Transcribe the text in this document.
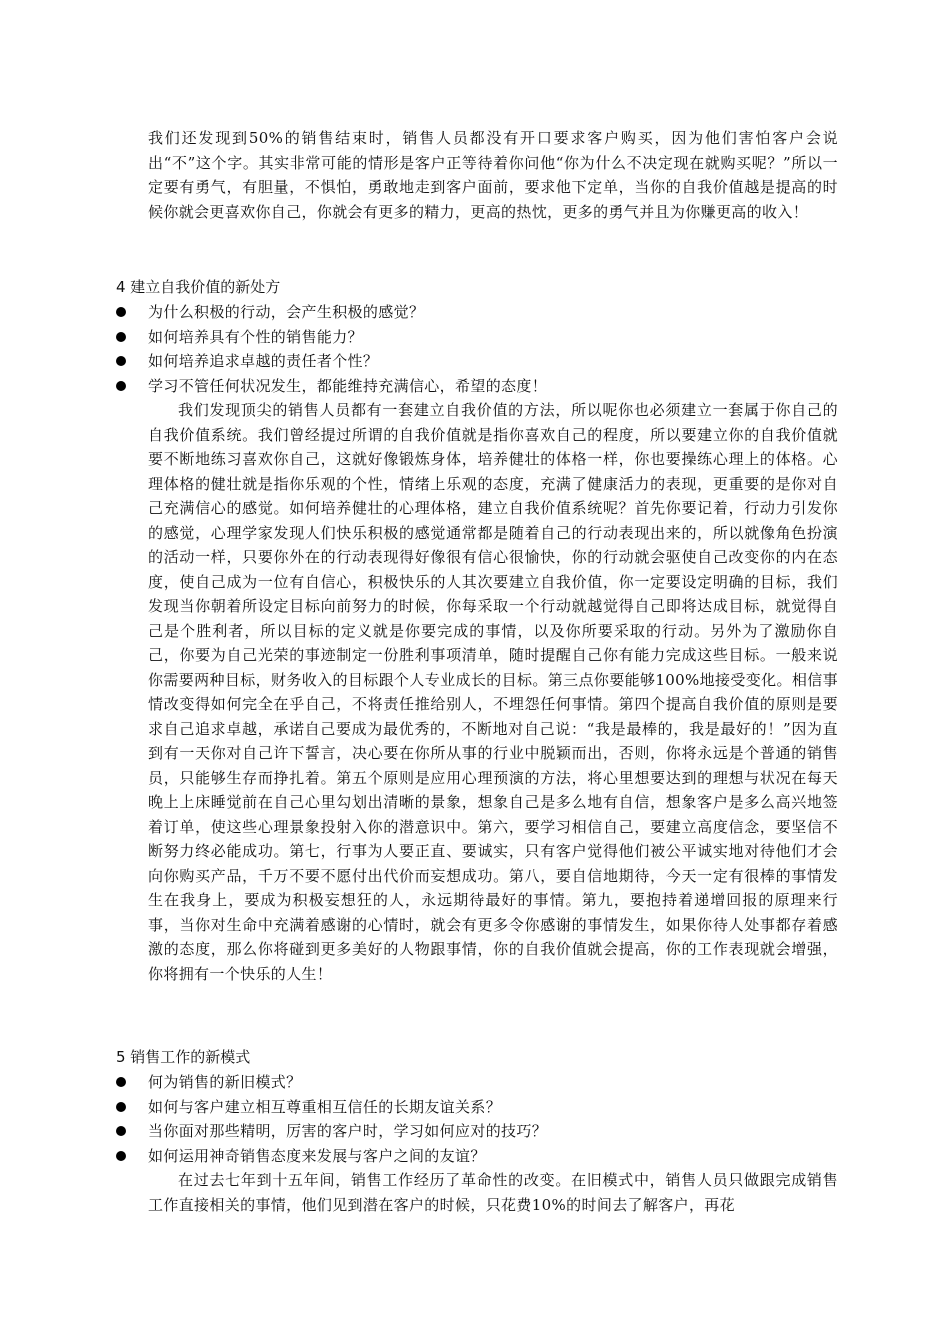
我们还发现到50%的销售结束时，销售人员都没有开口要求客户购买，因为他们害怕客户会说出“不”这个字。其实非常可能的情形是客户正等待着你问他“你为什么不决定现在就购买呢？”所以一定要有勇气，有胆量，不惧怕，勇敢地走到客户面前，要求他下定单，当你的自我价值越是提高的时候你就会更喜欢你自己，你就会有更多的精力，更高的热忱，更多的勇气并且为你赚更高的收入！

4 建立自我价值的新处方
为什么积极的行动，会产生积极的感觉？
如何培养具有个性的销售能力？
如何培养追求卓越的责任者个性？
学习不管任何状况发生，都能维持充满信心，希望的态度！

我们发现顶尖的销售人员都有一套建立自我价值的方法，所以呢你也必须建立一套属于你自己的自我价值系统。我们曾经提过所谓的自我价值就是指你喜欢自己的程度，所以要建立你的自我价值就要不断地练习喜欢你自己，这就好像锻炼身体，培养健壮的体格一样，你也要操练心理上的体格。心理体格的健壮就是指你乐观的个性，情绪上乐观的态度，充满了健康活力的表现，更重要的是你对自己充满信心的感觉。如何培养健壮的心理体格，建立自我价值系统呢？首先你要记着，行动力引发你的感觉，心理学家发现人们快乐积极的感觉通常都是随着自己的行动表现出来的，所以就像角色扮演的活动一样，只要你外在的行动表现得好像很有信心很愉快，你的行动就会驱使自己改变你的内在态度，使自己成为一位有自信心，积极快乐的人其次要建立自我价值，你一定要设定明确的目标，我们发现当你朝着所设定目标向前努力的时候，你每采取一个行动就越觉得自己即将达成目标，就觉得自己是个胜利者，所以目标的定义就是你要完成的事情，以及你所要采取的行动。另外为了激励你自己，你要为自己光荣的事迹制定一份胜利事项清单，随时提醒自己你有能力完成这些目标。一般来说你需要两种目标，财务收入的目标跟个人专业成长的目标。第三点你要能够100%地接受变化。相信事情改变得如何完全在乎自己，不将责任推给别人，不埋怨任何事情。第四个提高自我价值的原则是要求自己追求卓越，承诺自己要成为最优秀的，不断地对自己说：“我是最棒的，我是最好的！”因为直到有一天你对自己许下誓言，决心要在你所从事的行业中脱颖而出，否则，你将永远是个普通的销售员，只能够生存而挣扎着。第五个原则是应用心理预演的方法，将心里想要达到的理想与状况在每天晚上上床睡觉前在自己心里勾划出清晰的景象，想象自己是多么地有自信，想象客户是多么高兴地签着订单，使这些心理景象投射入你的潜意识中。第六，要学习相信自己，要建立高度信念，要坚信不断努力终必能成功。第七，行事为人要正直、要诚实，只有客户觉得他们被公平诚实地对待他们才会向你购买产品，千万不要不愿付出代价而妄想成功。第八，要自信地期待，今天一定有很棒的事情发生在我身上，要成为积极妄想狂的人，永远期待最好的事情。第九，要抱持着递增回报的原理来行事，当你对生命中充满着感谢的心情时，就会有更多令你感谢的事情发生，如果你待人处事都存着感激的态度，那么你将碰到更多美好的人物跟事情，你的自我价值就会提高，你的工作表现就会增强，你将拥有一个快乐的人生！

5 销售工作的新模式
何为销售的新旧模式？
如何与客户建立相互尊重相互信任的长期友谊关系？
当你面对那些精明，厉害的客户时，学习如何应对的技巧？
如何运用神奇销售态度来发展与客户之间的友谊？

在过去七年到十五年间，销售工作经历了革命性的改变。在旧模式中，销售人员只做跟完成销售工作直接相关的事情，他们见到潜在客户的时候，只花费10%的时间去了解客户，再花
